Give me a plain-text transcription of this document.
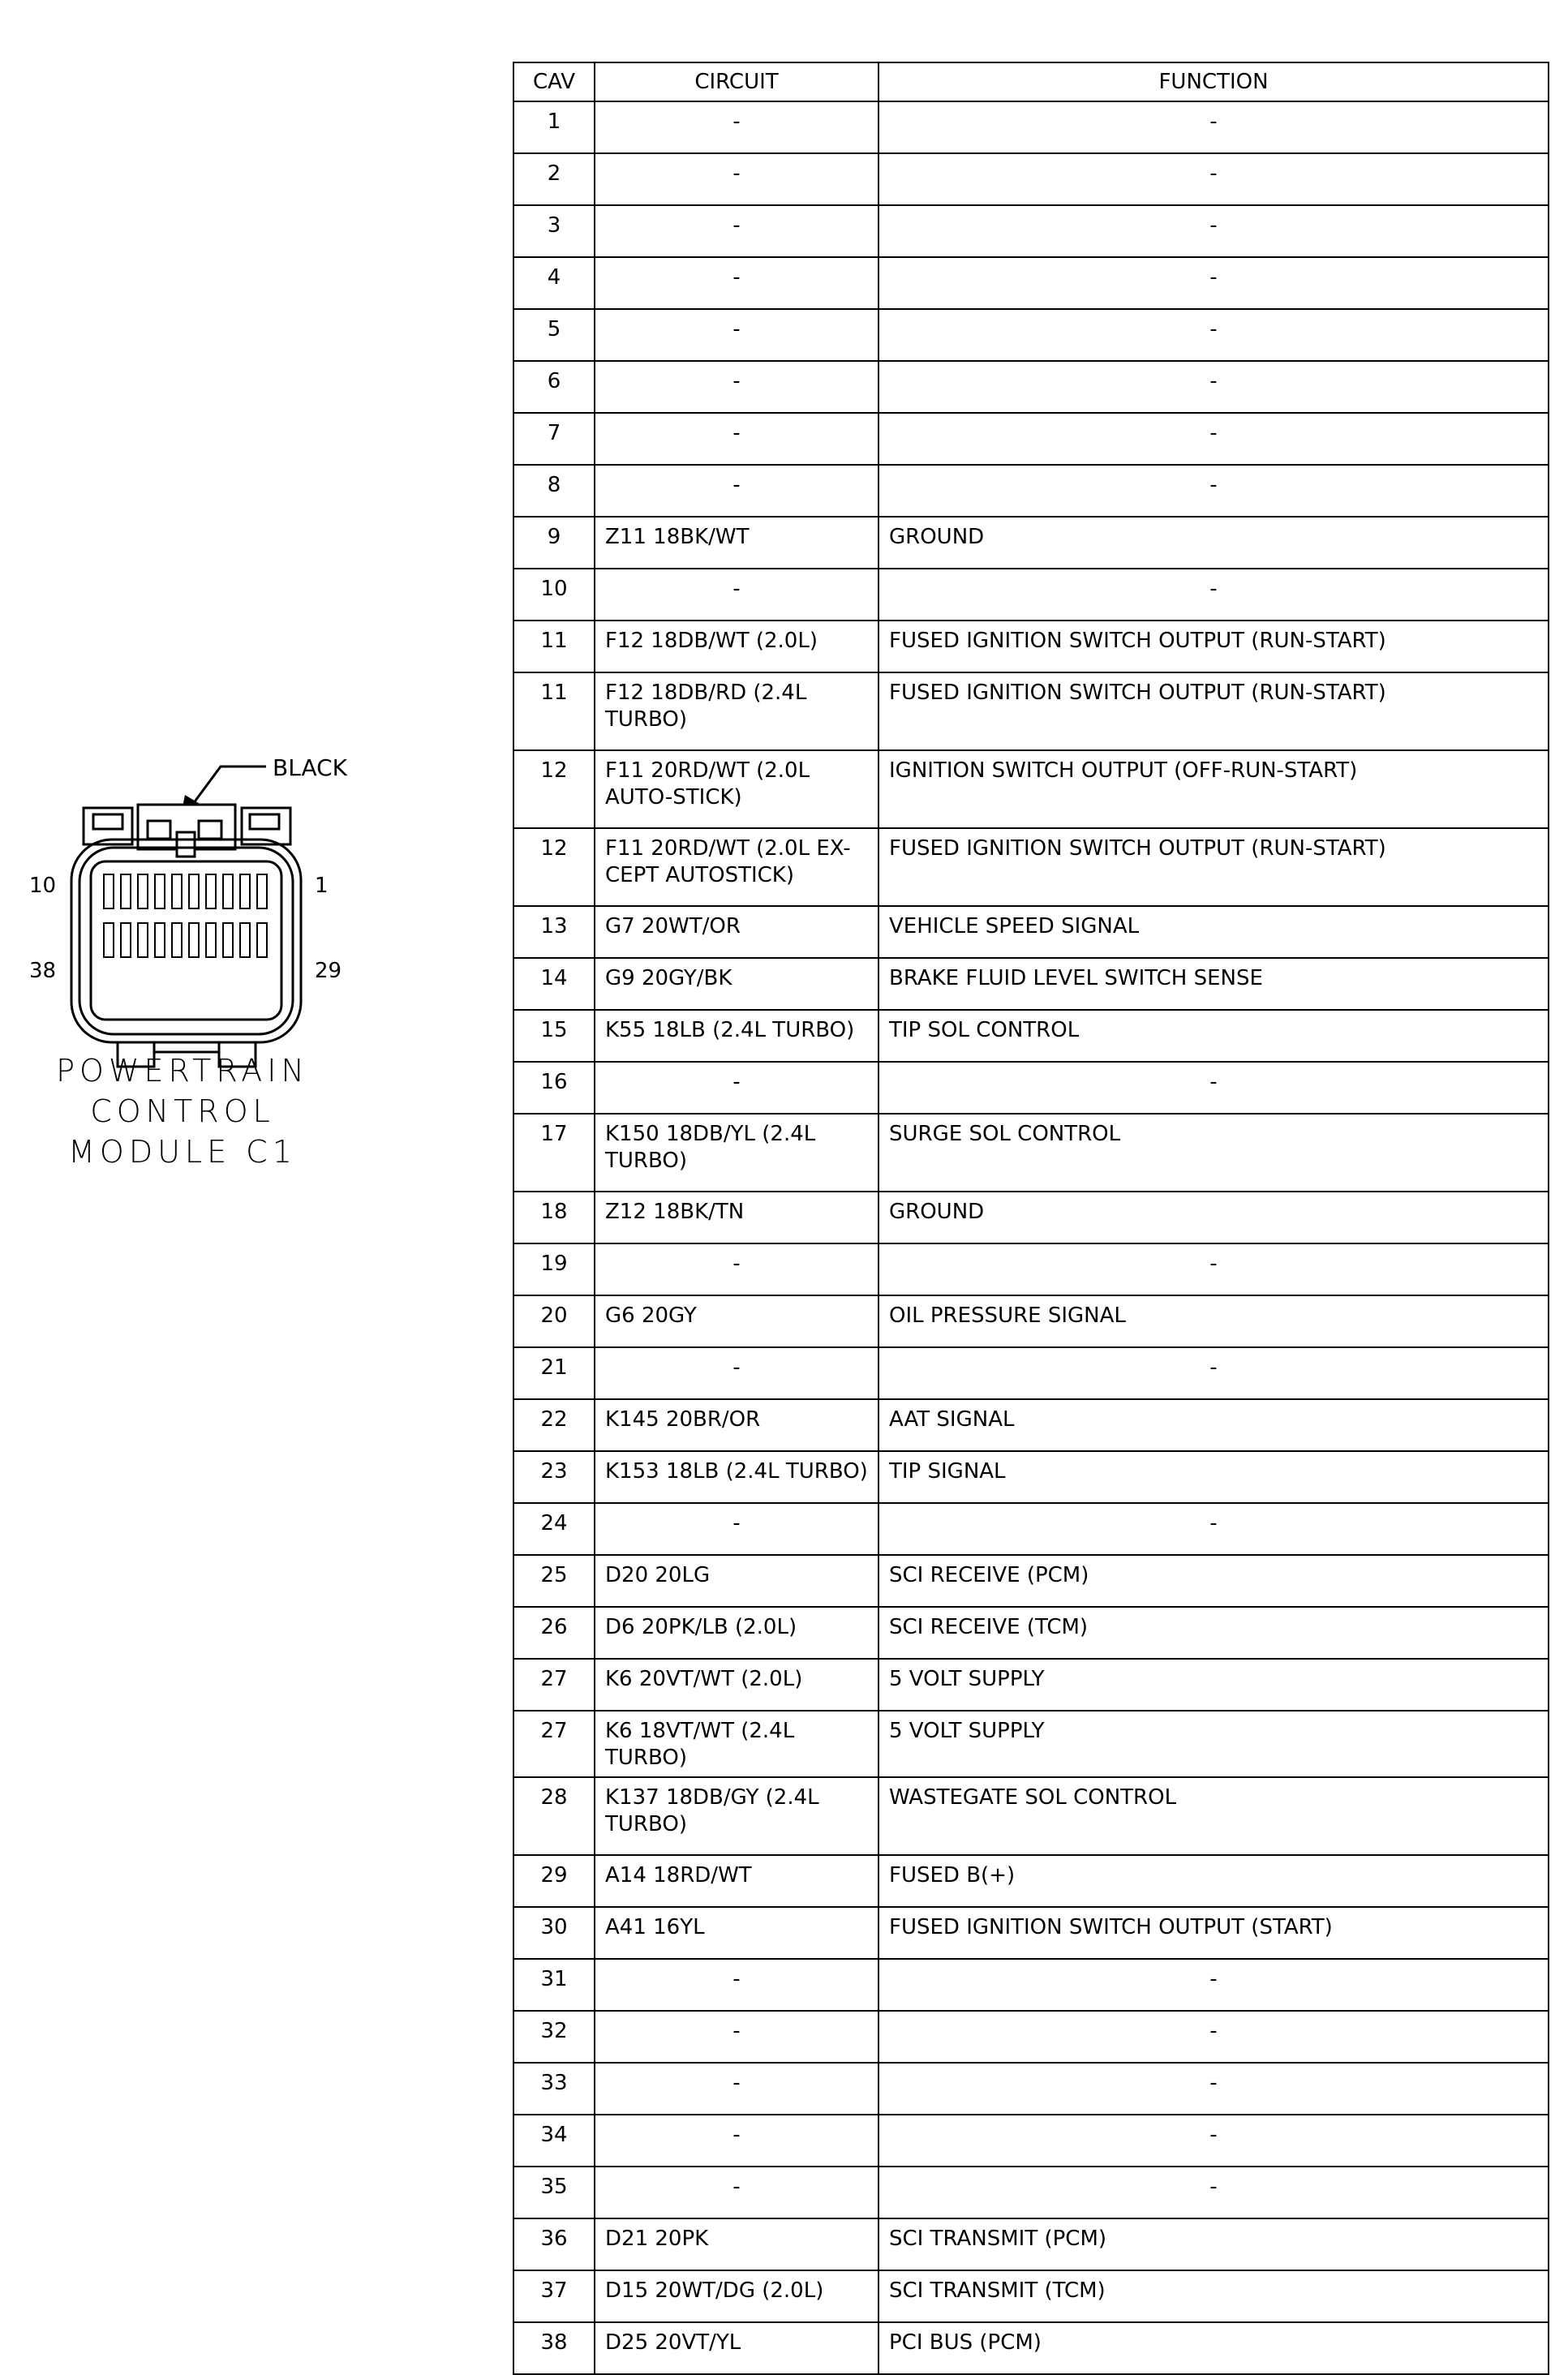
BLACK
10	1
38	29
POWERTRAIN
CONTROL
MODULE C1
CAV	CIRCUIT	FUNCTION
1	-	-
2	-	-
3	-	-
4	-	-
5	-	-
6	-	-
7	-	-
8	-	-
9	Z11 18BK/WT	GROUND
10	-	-
11	F12 18DB/WT (2.0L)	FUSED IGNITION SWITCH OUTPUT (RUN-START)
11	F12 18DB/RD (2.4L TURBO)	FUSED IGNITION SWITCH OUTPUT (RUN-START)
12	F11 20RD/WT (2.0L AUTO-STICK)	IGNITION SWITCH OUTPUT (OFF-RUN-START)
12	F11 20RD/WT (2.0L EX-CEPT AUTOSTICK)	FUSED IGNITION SWITCH OUTPUT (RUN-START)
13	G7 20WT/OR	VEHICLE SPEED SIGNAL
14	G9 20GY/BK	BRAKE FLUID LEVEL SWITCH SENSE
15	K55 18LB (2.4L TURBO)	TIP SOL CONTROL
16	-	-
17	K150 18DB/YL (2.4L TURBO)	SURGE SOL CONTROL
18	Z12 18BK/TN	GROUND
19	-	-
20	G6 20GY	OIL PRESSURE SIGNAL
21	-	-
22	K145 20BR/OR	AAT SIGNAL
23	K153 18LB (2.4L TURBO)	TIP SIGNAL
24	-	-
25	D20 20LG	SCI RECEIVE (PCM)
26	D6 20PK/LB (2.0L)	SCI RECEIVE (TCM)
27	K6 20VT/WT (2.0L)	5 VOLT SUPPLY
27	K6 18VT/WT (2.4L TURBO)	5 VOLT SUPPLY
28	K137 18DB/GY (2.4L TURBO)	WASTEGATE SOL CONTROL
29	A14 18RD/WT	FUSED B(+)
30	A41 16YL	FUSED IGNITION SWITCH OUTPUT (START)
31	-	-
32	-	-
33	-	-
34	-	-
35	-	-
36	D21 20PK	SCI TRANSMIT (PCM)
37	D15 20WT/DG (2.0L)	SCI TRANSMIT (TCM)
38	D25 20VT/YL	PCI BUS (PCM)
